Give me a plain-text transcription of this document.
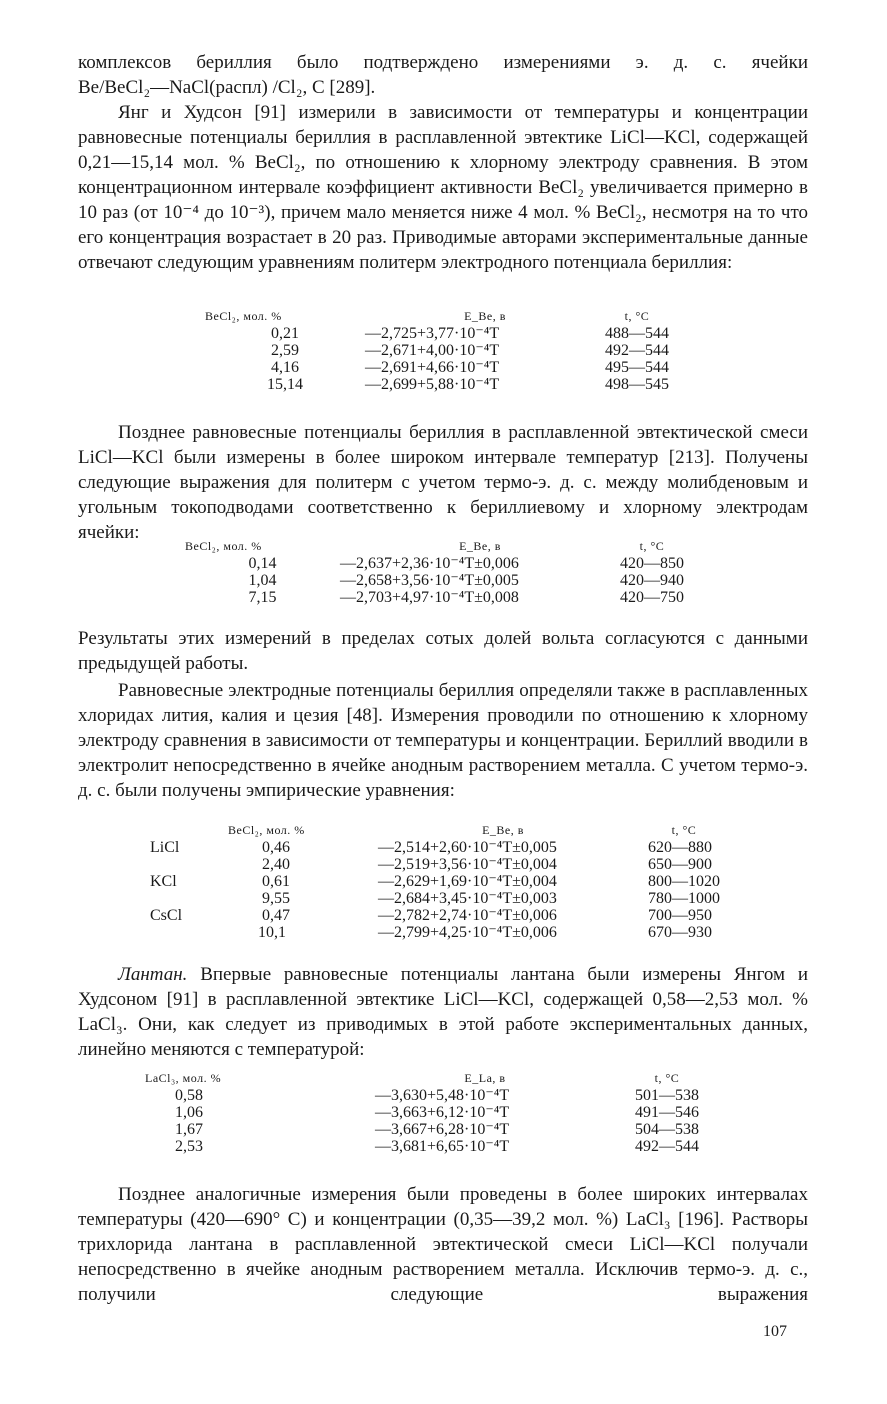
комплексов бериллия было подтверждено измерениями э. д. с. ячейки

Be/BeCl₂—NaCl(распл) /Cl₂, C [289].

Янг и Худсон [91] измерили в зависимости от температуры и концентрации равновесные потенциалы бериллия в расплавленной эвтектике LiCl—KCl, содержащей 0,21—15,14 мол. % BeCl₂, по отношению к хлорному электроду сравнения. В этом концентрационном интервале коэффициент активности BeCl₂ увеличивается примерно в 10 раз (от 10⁻⁴ до 10⁻³), причем мало меняется ниже 4 мол. % BeCl₂, несмотря на то что его концентрация возрастает в 20 раз. Приводимые авторами экспериментальные данные отвечают следующим уравнениям политерм электродного потенциала бериллия:

BeCl₂, мол. %	E_Be, в	t, °C
0,21	—2,725+3,77·10⁻⁴T	488—544
2,59	—2,671+4,00·10⁻⁴T	492—544
4,16	—2,691+4,66·10⁻⁴T	495—544
15,14	—2,699+5,88·10⁻⁴T	498—545

Позднее равновесные потенциалы бериллия в расплавленной эвтектической смеси LiCl—KCl были измерены в более широком интервале температур [213]. Получены следующие выражения для политерм с учетом термо-э. д. с. между молибденовым и угольным токоподводами соответственно к бериллиевому и хлорному электродам ячейки:

BeCl₂, мол. %	E_Be, в	t, °C
0,14	—2,637+2,36·10⁻⁴T±0,006	420—850
1,04	—2,658+3,56·10⁻⁴T±0,005	420—940
7,15	—2,703+4,97·10⁻⁴T±0,008	420—750

Результаты этих измерений в пределах сотых долей вольта согласуются с данными предыдущей работы.

Равновесные электродные потенциалы бериллия определяли также в расплавленных хлоридах лития, калия и цезия [48]. Измерения проводили по отношению к хлорному электроду сравнения в зависимости от температуры и концентрации. Бериллий вводили в электролит непосредственно в ячейке анодным растворением металла. С учетом термо-э. д. с. были получены эмпирические уравнения:

	BeCl₂, мол. %	E_Be, в	t, °C
LiCl	0,46	—2,514+2,60·10⁻⁴T±0,005	620—880
	2,40	—2,519+3,56·10⁻⁴T±0,004	650—900
KCl	0,61	—2,629+1,69·10⁻⁴T±0,004	800—1020
	9,55	—2,684+3,45·10⁻⁴T±0,003	780—1000
CsCl	0,47	—2,782+2,74·10⁻⁴T±0,006	700—950
	10,1	—2,799+4,25·10⁻⁴T±0,006	670—930

Лантан. Впервые равновесные потенциалы лантана были измерены Янгом и Худсоном [91] в расплавленной эвтектике LiCl—KCl, содержащей 0,58—2,53 мол. % LaCl₃. Они, как следует из приводимых в этой работе экспериментальных данных, линейно меняются с температурой:

LaCl₃, мол. %	E_La, в	t, °C
0,58	—3,630+5,48·10⁻⁴T	501—538
1,06	—3,663+6,12·10⁻⁴T	491—546
1,67	—3,667+6,28·10⁻⁴T	504—538
2,53	—3,681+6,65·10⁻⁴T	492—544

Позднее аналогичные измерения были проведены в более широких интервалах температуры (420—690° C) и концентрации (0,35—39,2 мол. %) LaCl₃ [196]. Растворы трихлорида лантана в расплавленной эвтектической смеси LiCl—KCl получали непосредственно в ячейке анодным растворением металла. Исключив термо-э. д. с., получили следующие выражения

107
